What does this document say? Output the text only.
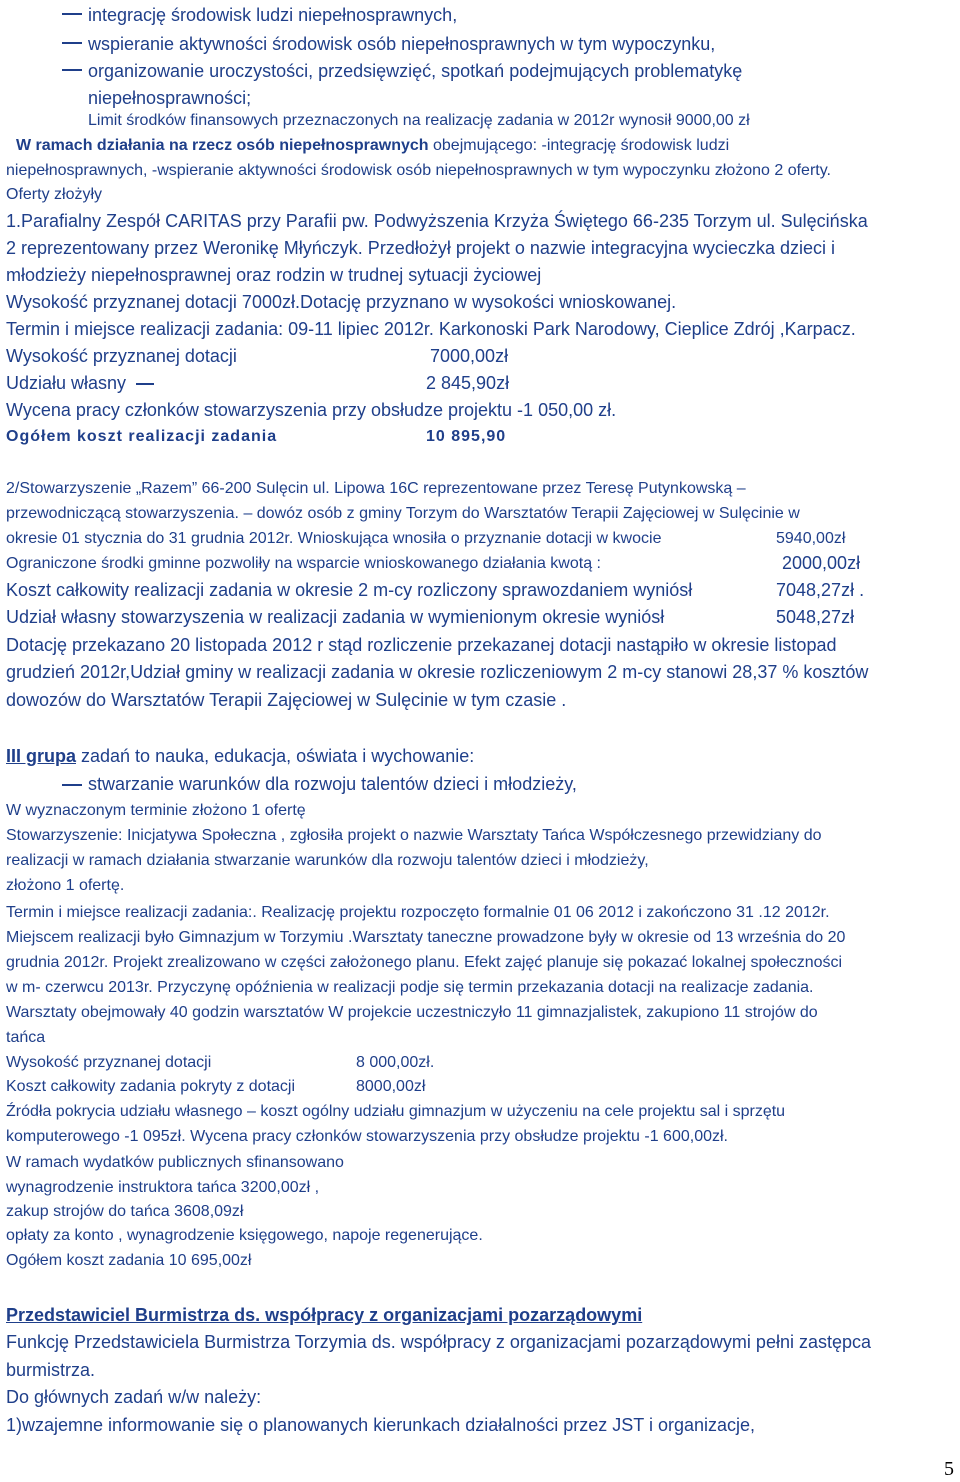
integrację środowisk ludzi niepełnosprawnych,
wspieranie aktywności środowisk osób niepełnosprawnych w tym wypoczynku,
organizowanie uroczystości, przedsięwzięć, spotkań podejmujących problematykę
niepełnosprawności;
Limit środków finansowych przeznaczonych na realizację zadania w 2012r wynosił 9000,00 zł
W ramach działania na rzecz osób niepełnosprawnych obejmującego: -integrację środowisk ludzi
niepełnosprawnych, -wspieranie aktywności środowisk osób niepełnosprawnych w tym wypoczynku złożono 2 oferty.
Oferty złożyły
1.Parafialny Zespół CARITAS przy Parafii pw. Podwyższenia Krzyża Świętego 66-235 Torzym ul. Sulęcińska
2 reprezentowany przez Weronikę Młyńczyk. Przedłożył projekt o nazwie integracyjna wycieczka dzieci i
młodzieży niepełnosprawnej oraz rodzin w trudnej sytuacji życiowej
Wysokość przyznanej dotacji 7000zł.Dotację przyznano w wysokości wnioskowanej.
Termin i miejsce realizacji zadania: 09-11 lipiec 2012r. Karkonoski Park Narodowy, Cieplice Zdrój ,Karpacz.
Wysokość przyznanej dotacji	7000,00zł
Udziału własny	2 845,90zł
Wycena pracy członków stowarzyszenia przy obsłudze projektu -1 050,00 zł.
Ogółem koszt realizacji zadania	10 895,90
2/Stowarzyszenie „Razem” 66-200 Sulęcin ul. Lipowa 16C reprezentowane przez Teresę Putynkowską –
przewodniczącą stowarzyszenia. – dowóz osób z gminy Torzym do Warsztatów Terapii Zajęciowej w Sulęcinie w
okresie 01 stycznia do 31 grudnia 2012r. Wnioskująca wnosiła o przyznanie dotacji w kwocie	5940,00zł
Ograniczone środki gminne pozwoliły na wsparcie wnioskowanego działania kwotą :	2000,00zł
Koszt całkowity realizacji zadania w okresie 2 m-cy rozliczony sprawozdaniem wyniósł	7048,27zł .
Udział własny stowarzyszenia w realizacji zadania w wymienionym okresie wyniósł	5048,27zł
Dotację przekazano 20 listopada 2012 r stąd rozliczenie przekazanej dotacji nastąpiło w okresie listopad
grudzień 2012r,Udział gminy w realizacji zadania w okresie rozliczeniowym 2 m-cy stanowi 28,37 % kosztów
dowozów do Warsztatów Terapii Zajęciowej w Sulęcinie w tym czasie .
III grupa zadań to nauka, edukacja, oświata i wychowanie:
stwarzanie warunków dla rozwoju talentów dzieci i młodzieży,
W wyznaczonym terminie złożono 1 ofertę
Stowarzyszenie: Inicjatywa Społeczna , zgłosiła projekt o nazwie Warsztaty Tańca Współczesnego przewidziany do
realizacji w ramach działania stwarzanie warunków dla rozwoju talentów dzieci i młodzieży,
złożono 1 ofertę.
Termin i miejsce realizacji zadania:. Realizację projektu rozpoczęto formalnie 01 06 2012 i zakończono 31 .12 2012r.
Miejscem realizacji było Gimnazjum w Torzymiu .Warsztaty taneczne prowadzone były w okresie od 13 września do 20
grudnia 2012r. Projekt zrealizowano w części założonego planu. Efekt zajęć planuje się pokazać lokalnej społeczności
w m- czerwcu 2013r. Przyczynę opóźnienia w realizacji podje się termin przekazania dotacji na realizacje zadania.
Warsztaty obejmowały 40 godzin warsztatów W projekcie uczestniczyło 11 gimnazjalistek, zakupiono 11 strojów do
tańca
Wysokość przyznanej dotacji	8 000,00zł.
Koszt całkowity zadania pokryty z dotacji	8000,00zł
Źródła pokrycia udziału własnego – koszt ogólny udziału gimnazjum w użyczeniu na cele projektu sal i sprzętu
komputerowego -1 095zł. Wycena pracy członków stowarzyszenia przy obsłudze projektu -1 600,00zł.
W ramach wydatków publicznych sfinansowano
wynagrodzenie instruktora tańca 3200,00zł ,
zakup strojów do tańca 3608,09zł
opłaty za konto , wynagrodzenie księgowego, napoje regenerujące.
Ogółem koszt zadania 10 695,00zł
Przedstawiciel Burmistrza ds. współpracy z organizacjami pozarządowymi
Funkcję Przedstawiciela Burmistrza Torzymia ds. współpracy z organizacjami pozarządowymi pełni zastępca
burmistrza.
Do głównych zadań w/w należy:
1)wzajemne informowanie się o planowanych kierunkach działalności przez JST i organizacje,
5
